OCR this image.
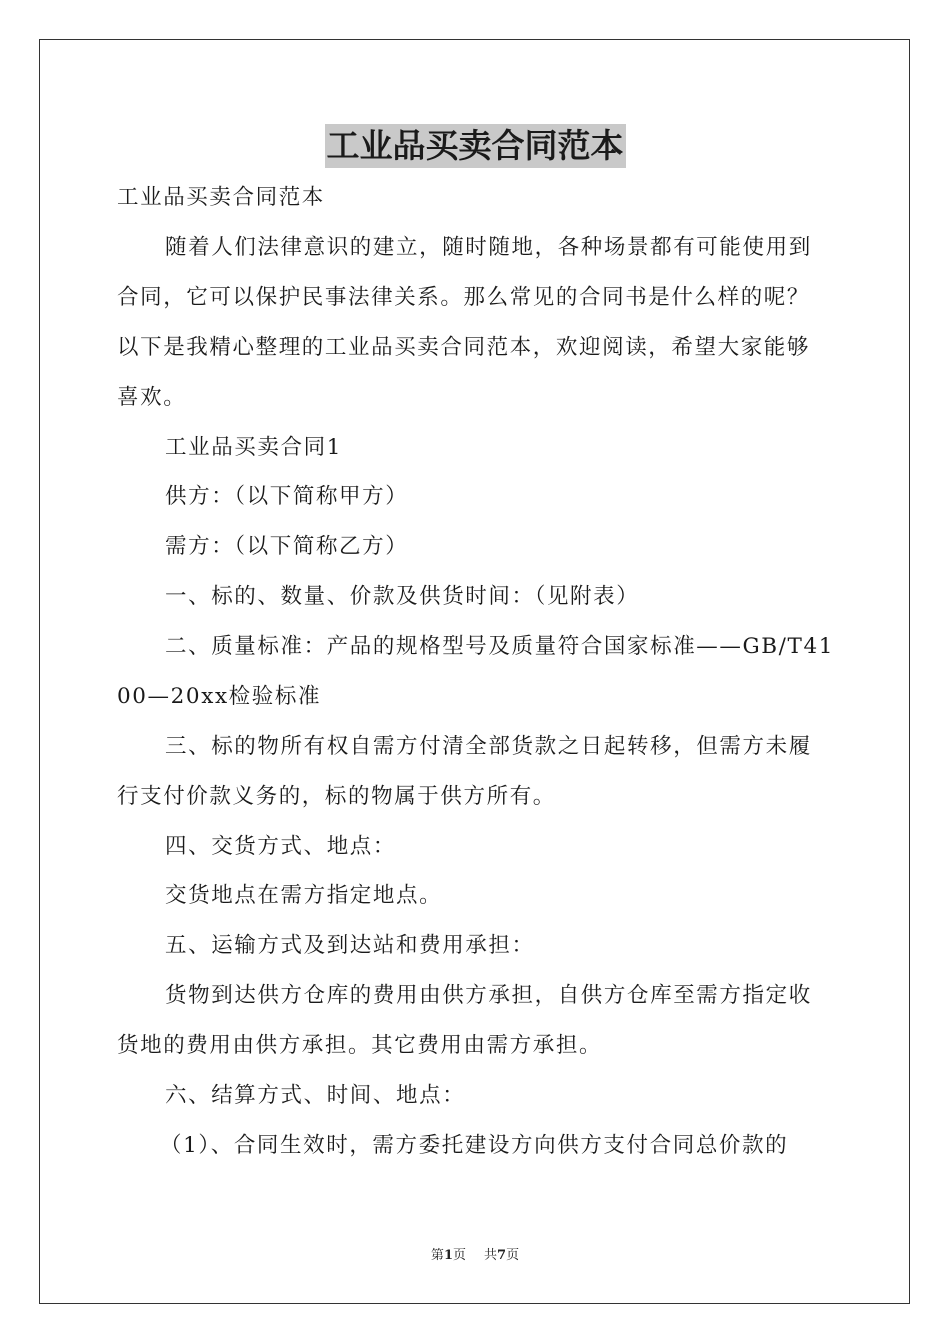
工业品买卖合同范本
工业品买卖合同范本
随着人们法律意识的建立，随时随地，各种场景都有可能使用到
合同，它可以保护民事法律关系。那么常见的合同书是什么样的呢？
以下是我精心整理的工业品买卖合同范本，欢迎阅读，希望大家能够
喜欢。
工业品买卖合同1
供方：（以下简称甲方）
需方：（以下简称乙方）
一、标的、数量、价款及供货时间：（见附表）
二、质量标准：产品的规格型号及质量符合国家标准——GB/T41
00—20xx检验标准
三、标的物所有权自需方付清全部货款之日起转移，但需方未履
行支付价款义务的，标的物属于供方所有。
四、交货方式、地点：
交货地点在需方指定地点。
五、运输方式及到达站和费用承担：
货物到达供方仓库的费用由供方承担，自供方仓库至需方指定收
货地的费用由供方承担。其它费用由需方承担。
六、结算方式、时间、地点：
（1）、合同生效时，需方委托建设方向供方支付合同总价款的
第1页 共7页
